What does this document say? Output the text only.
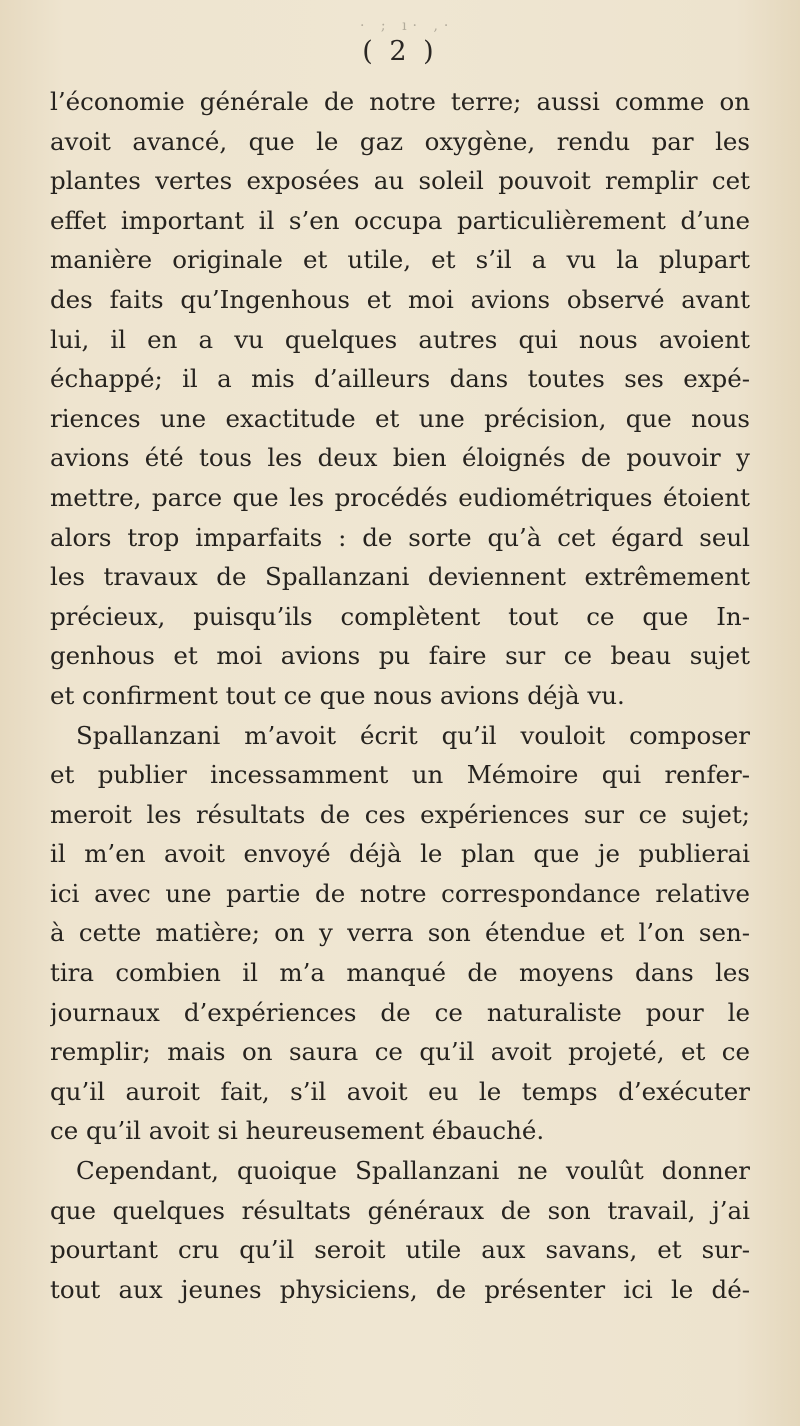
· ; ı· ,·
( 2 )
l’économie générale de notre terre; aussi comme on
avoit avancé, que le gaz oxygène, rendu par les
plantes vertes exposées au soleil pouvoit remplir cet
effet important il s’en occupa particulièrement d’une
manière originale et utile, et s’il a vu la plupart
des faits qu’Ingenhous et moi avions observé avant
lui, il en a vu quelques autres qui nous avoient
échappé; il a mis d’ailleurs dans toutes ses expé-
riences une exactitude et une précision, que nous
avions été tous les deux bien éloignés de pouvoir y
mettre, parce que les procédés eudiométriques étoient
alors trop imparfaits : de sorte qu’à cet égard seul
les travaux de Spallanzani deviennent extrêmement
précieux, puisqu’ils complètent tout ce que In-
genhous et moi avions pu faire sur ce beau sujet
et confirment tout ce que nous avions déjà vu.
Spallanzani m’avoit écrit qu’il vouloit composer
et publier incessamment un Mémoire qui renfer-
meroit les résultats de ces expériences sur ce sujet;
il m’en avoit envoyé déjà le plan que je publierai
ici avec une partie de notre correspondance relative
à cette matière; on y verra son étendue et l’on sen-
tira combien il m’a manqué de moyens dans les
journaux d’expériences de ce naturaliste pour le
remplir; mais on saura ce qu’il avoit projeté, et ce
qu’il auroit fait, s’il avoit eu le temps d’exécuter
ce qu’il avoit si heureusement ébauché.
Cependant, quoique Spallanzani ne voulût donner
que quelques résultats généraux de son travail, j’ai
pourtant cru qu’il seroit utile aux savans, et sur-
tout aux jeunes physiciens, de présenter ici le dé-
